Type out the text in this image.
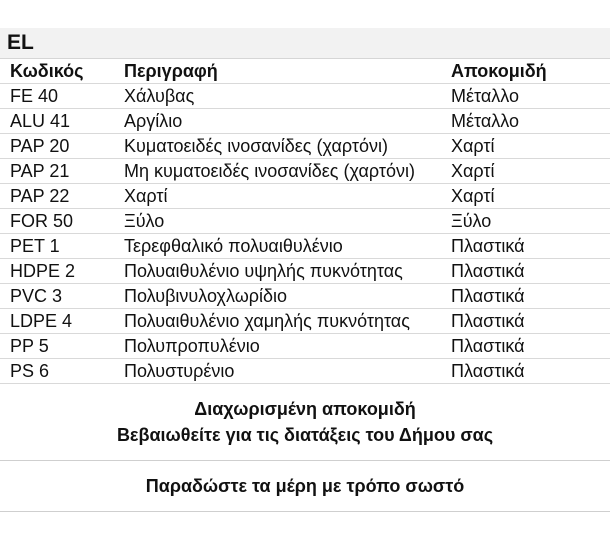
EL
Κωδικός	Περιγραφή	Αποκομιδή
FE 40	Χάλυβας	Μέταλλο
ALU 41	Αργίλιο	Μέταλλο
PAP 20	Κυματοειδές ινοσανίδες (χαρτόνι)	Χαρτί
PAP 21	Μη κυματοειδές ινοσανίδες (χαρτόνι)	Χαρτί
PAP 22	Χαρτί	Χαρτί
FOR 50	Ξύλο	Ξύλο
PET 1	Τερεφθαλικό πολυαιθυλένιο	Πλαστικά
HDPE 2	Πολυαιθυλένιο υψηλής πυκνότητας	Πλαστικά
PVC 3	Πολυβινυλοχλωρίδιο	Πλαστικά
LDPE 4	Πολυαιθυλένιο χαμηλής πυκνότητας	Πλαστικά
PP 5	Πολυπροπυλένιο	Πλαστικά
PS 6	Πολυστυρένιο	Πλαστικά
Διαχωρισμένη αποκομιδή
Βεβαιωθείτε για τις διατάξεις του Δήμου σας
Παραδώστε τα μέρη με τρόπο σωστό
